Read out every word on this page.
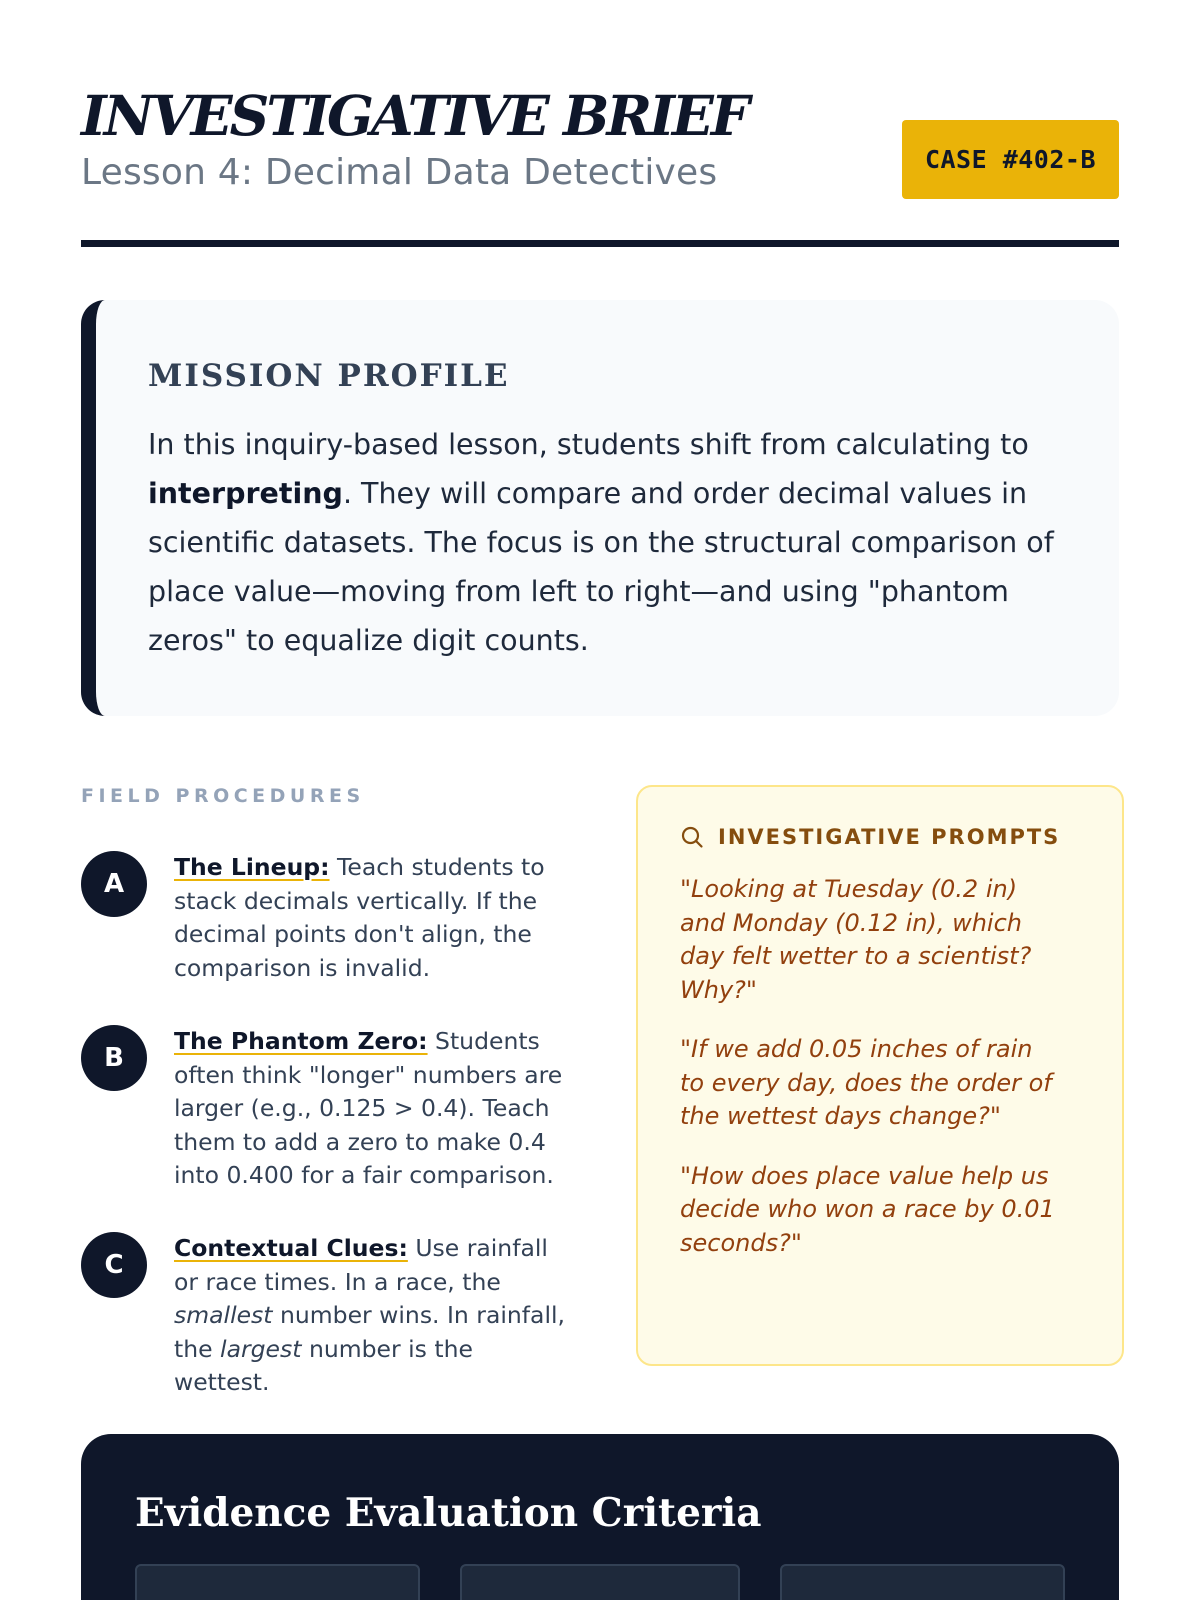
INVESTIGATIVE BRIEF
Lesson 4: Decimal Data Detectives	CASE #402-B
MISSION PROFILE

In this inquiry-based lesson, students shift from calculating to interpreting. They will compare and order decimal values in scientific datasets. The focus is on the structural comparison of place value—moving from left to right—and using "phantom zeros" to equalize digit counts.

FIELD PROCEDURES
A
The Lineup: Teach students to stack decimals vertically. If the decimal points don't align, the comparison is invalid.
B
The Phantom Zero: Students often think "longer" numbers are larger (e.g., 0.125 > 0.4). Teach them to add a zero to make 0.4 into 0.400 for a fair comparison.
C
Contextual Clues: Use rainfall or race times. In a race, the smallest number wins. In rainfall, the largest number is the wettest.
INVESTIGATIVE PROMPTS

"Looking at Tuesday (0.2 in) and Monday (0.12 in), which day felt wetter to a scientist? Why?"

"If we add 0.05 inches of rain to every day, does the order of the wettest days change?"

"How does place value help us decide who won a race by 0.01 seconds?"

Evidence Evaluation Criteria
